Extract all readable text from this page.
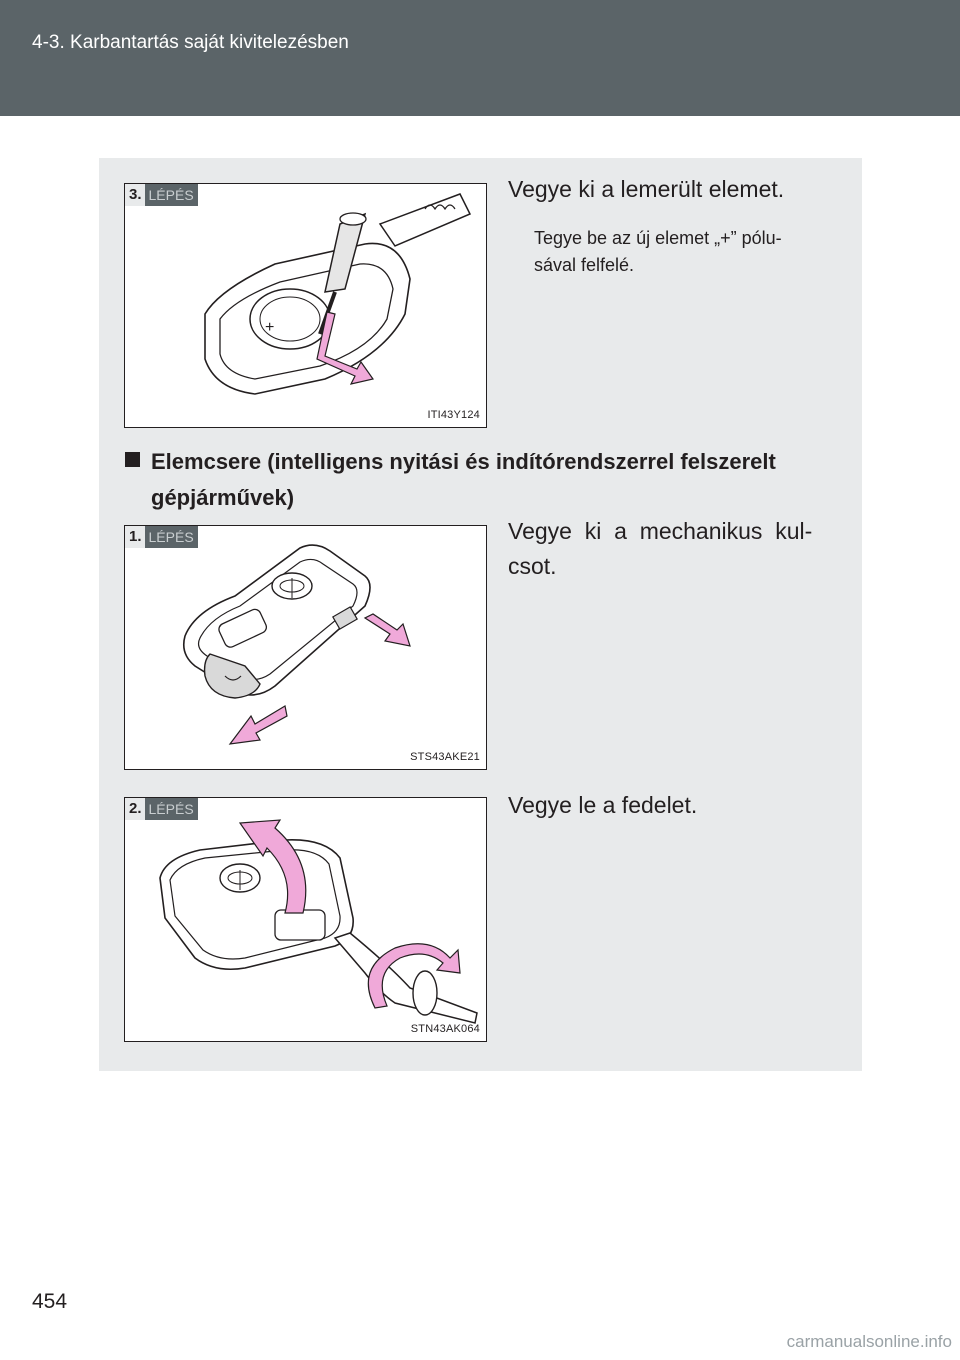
4-3. Karbantartás saját kivitelezésben
+
3. LÉPÉS
ITI43Y124
Vegye ki a lemerült elemet.
Tegye be az új elemet „+” pólu-
sával felfelé.
Elemcsere (intelligens nyitási és indítórendszerrel felszerelt
gépjárművek)
1. LÉPÉS
STS43AKE21
Vegye  ki  a  mechanikus  kul-
csot.
2. LÉPÉS
STN43AK064
Vegye le a fedelet.
454
carmanualsonline.info
